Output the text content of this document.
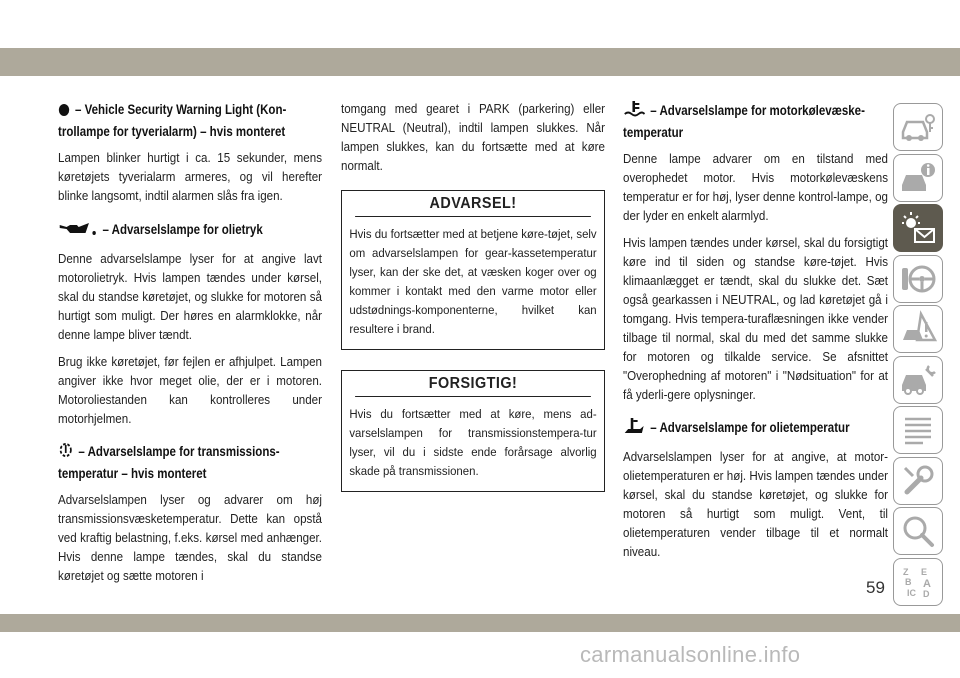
– Vehicle Security Warning Light (Kon-trollampe for tyverialarm) – hvis monteret
Lampen blinker hurtigt i ca. 15 sekunder, mens køretøjets tyverialarm armeres, og vil herefter blinke langsomt, indtil alarmen slås fra igen.
– Advarselslampe for olietryk
Denne advarselslampe lyser for at angive lavt motorolietryk. Hvis lampen tændes under kørsel, skal du standse køretøjet, og slukke for motoren så hurtigt som muligt. Der høres en alarmklokke, når denne lampe bliver tændt.
Brug ikke køretøjet, før fejlen er afhjulpet. Lampen angiver ikke hvor meget olie, der er i motoren. Motoroliestanden kan kontrolleres under motorhjelmen.
– Advarselslampe for transmissions-temperatur – hvis monteret
Advarselslampen lyser og advarer om høj transmissionsvæsketemperatur. Dette kan opstå ved kraftig belastning, f.eks. kørsel med anhænger. Hvis denne lampe tændes, skal du standse køretøjet og sætte motoren i
tomgang med gearet i PARK (parkering) eller NEUTRAL (Neutral), indtil lampen slukkes. Når lampen slukkes, kan du fortsætte med at køre normalt.
ADVARSEL!
Hvis du fortsætter med at betjene køre-tøjet, selv om advarselslampen for gear-kassetemperatur lyser, kan der ske det, at væsken koger over og kommer i kontakt med den varme motor eller udstødnings-komponenterne, hvilket kan resultere i brand.
FORSIGTIG!
Hvis du fortsætter med at køre, mens ad-varselslampen for transmissionstempera-tur lyser, vil du i sidste ende forårsage alvorlig skade på transmissionen.
– Advarselslampe for motorkølevæske-temperatur
Denne lampe advarer om en tilstand med overophedet motor. Hvis motorkølevæskens temperatur er for høj, lyser denne kontrol-lampe, og der lyder en enkelt alarmlyd.
Hvis lampen tændes under kørsel, skal du forsigtigt køre ind til siden og standse køre-tøjet. Hvis klimaanlægget er tændt, skal du slukke det. Sæt også gearkassen i NEUTRAL, og lad køretøjet gå i tomgang. Hvis tempera-turaflæsningen ikke vender tilbage til normal, skal du med det samme slukke for motoren og tilkalde service. Se afsnittet "Overophedning af motoren" i "Nødsituation" for at få yderli-gere oplysninger.
– Advarselslampe for olietemperatur
Advarselslampen lyser for at angive, at motor-olietemperaturen er høj. Hvis lampen tændes under kørsel, skal du standse køretøjet, og slukke for motoren så hurtigt som muligt. Vent, til olietemperaturen vender tilbage til et normalt niveau.
Z E
B A
IC D
59
carmanualsonline.info
